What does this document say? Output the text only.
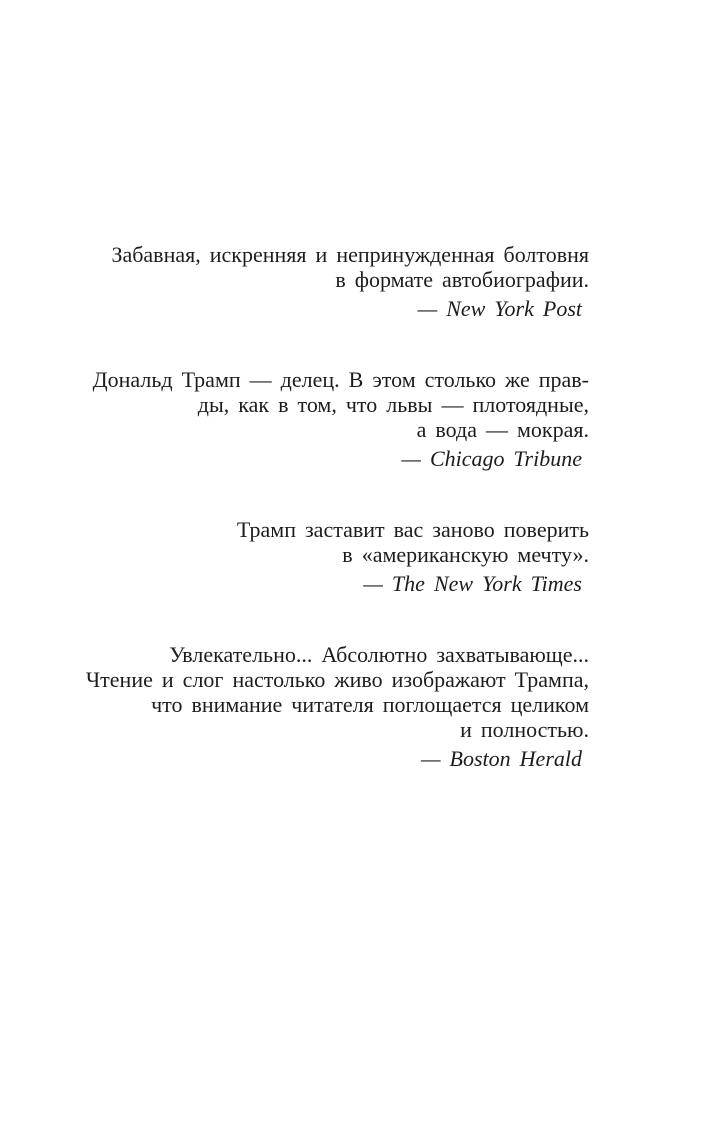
Забавная, искренняя и непринужденная болтовня
в формате автобиографии.
— New York Post
Дональд Трамп — делец. В этом столько же прав-
ды, как в том, что львы — плотоядные,
а вода — мокрая.
— Chicago Tribune
Трамп заставит вас заново поверить
в «американскую мечту».
— The New York Times
Увлекательно... Абсолютно захватывающе...
Чтение и слог настолько живо изображают Трампа,
что внимание читателя поглощается целиком
и полностью.
— Boston Herald
